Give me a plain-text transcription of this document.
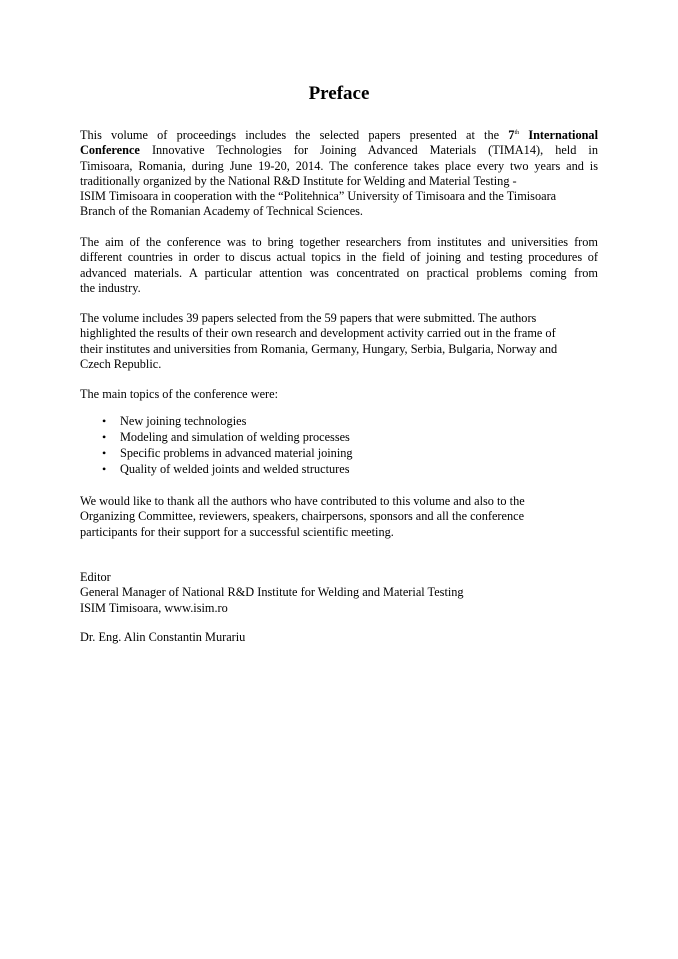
Preface
This volume of proceedings includes the selected papers presented at the 7th International
Conference Innovative Technologies for Joining Advanced Materials (TIMA14), held in
Timisoara, Romania, during June 19-20, 2014. The conference takes place every two years and is
traditionally organized by the National R&D Institute for Welding and Material Testing -
ISIM Timisoara in cooperation with the “Politehnica” University of Timisoara and the Timisoara
Branch of the Romanian Academy of Technical Sciences.
The aim of the conference was to bring together researchers from institutes and universities from
different countries in order to discus actual topics in the field of joining and testing procedures of
advanced materials. A particular attention was concentrated on practical problems coming from
the industry.
The volume includes 39 papers selected from the 59 papers that were submitted. The authors
highlighted the results of their own research and development activity carried out in the frame of
their institutes and universities from Romania, Germany, Hungary, Serbia, Bulgaria, Norway and
Czech Republic.
The main topics of the conference were:
• New joining technologies
• Modeling and simulation of welding processes
• Specific problems in advanced material joining
• Quality of welded joints and welded structures
We would like to thank all the authors who have contributed to this volume and also to the
Organizing Committee, reviewers, speakers, chairpersons, sponsors and all the conference
participants for their support for a successful scientific meeting.
Editor
General Manager of National R&D Institute for Welding and Material Testing
ISIM Timisoara, www.isim.ro
Dr. Eng. Alin Constantin Murariu
